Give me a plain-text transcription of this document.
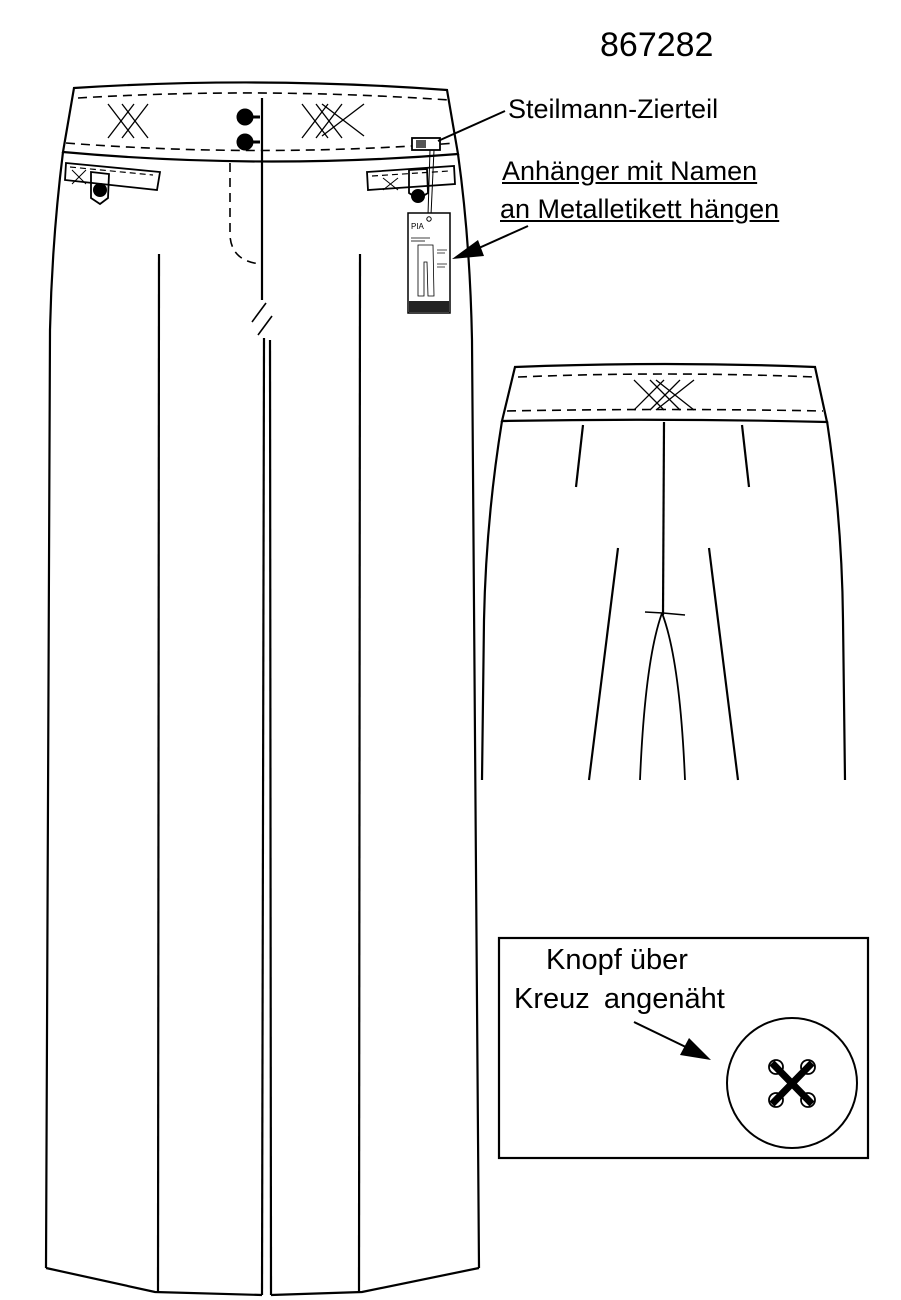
867282
Steilmann-Zierteil
Anhänger mit Namen
an Metalletikett hängen
PIA
Knopf über
Kreuz angenäht
